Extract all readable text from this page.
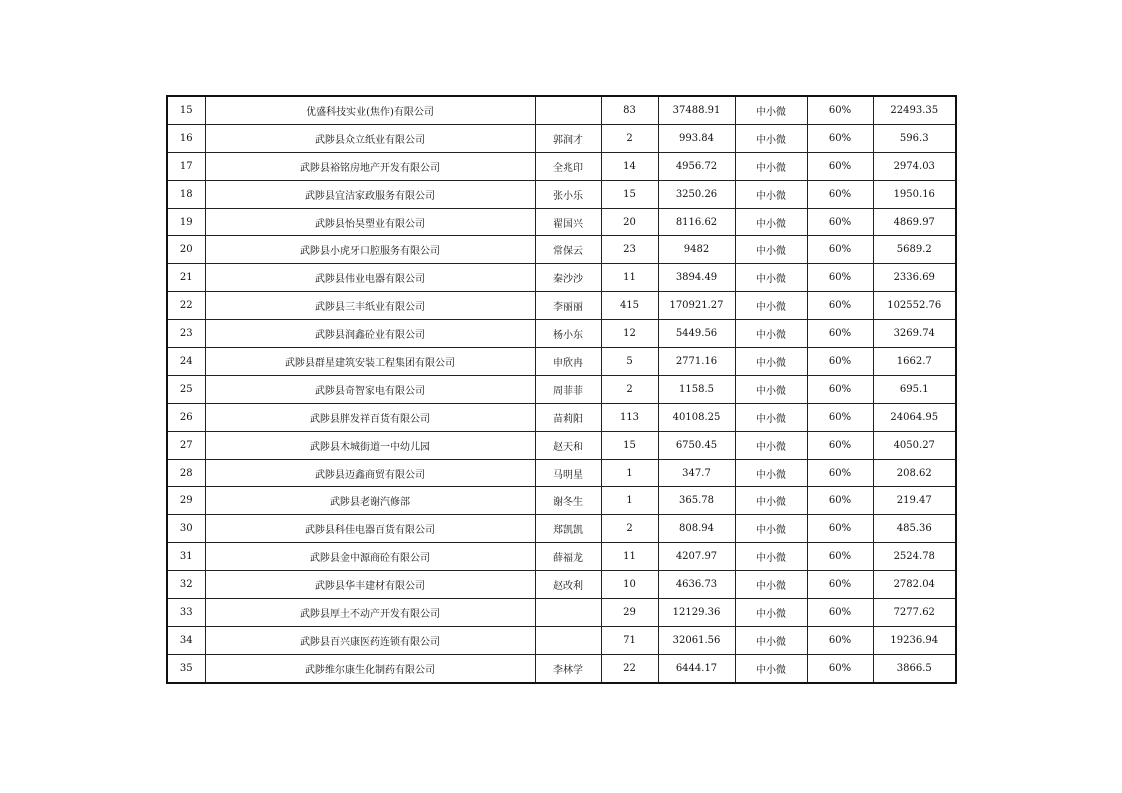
15	优盛科技实业(焦作)有限公司		83	37488.91	中小微	60%	22493.35
16	武陟县众立纸业有限公司	郭润才	2	993.84	中小微	60%	596.3
17	武陟县裕铭房地产开发有限公司	全兆印	14	4956.72	中小微	60%	2974.03
18	武陟县宜洁家政服务有限公司	张小乐	15	3250.26	中小微	60%	1950.16
19	武陟县怡昊塑业有限公司	翟国兴	20	8116.62	中小微	60%	4869.97
20	武陟县小虎牙口腔服务有限公司	常保云	23	9482	中小微	60%	5689.2
21	武陟县伟业电器有限公司	秦沙沙	11	3894.49	中小微	60%	2336.69
22	武陟县三丰纸业有限公司	李丽丽	415	170921.27	中小微	60%	102552.76
23	武陟县润鑫砼业有限公司	杨小东	12	5449.56	中小微	60%	3269.74
24	武陟县群星建筑安装工程集团有限公司	申欣冉	5	2771.16	中小微	60%	1662.7
25	武陟县奇智家电有限公司	周菲菲	2	1158.5	中小微	60%	695.1
26	武陟县胖发祥百货有限公司	苗莉阳	113	40108.25	中小微	60%	24064.95
27	武陟县木城街道一中幼儿园	赵天和	15	6750.45	中小微	60%	4050.27
28	武陟县迈鑫商贸有限公司	马明星	1	347.7	中小微	60%	208.62
29	武陟县老谢汽修部	谢冬生	1	365.78	中小微	60%	219.47
30	武陟县科佳电器百货有限公司	郑凯凯	2	808.94	中小微	60%	485.36
31	武陟县金中源商砼有限公司	薛福龙	11	4207.97	中小微	60%	2524.78
32	武陟县华丰建材有限公司	赵改利	10	4636.73	中小微	60%	2782.04
33	武陟县厚土不动产开发有限公司		29	12129.36	中小微	60%	7277.62
34	武陟县百兴康医药连锁有限公司		71	32061.56	中小微	60%	19236.94
35	武陟维尔康生化制药有限公司	李林学	22	6444.17	中小微	60%	3866.5
